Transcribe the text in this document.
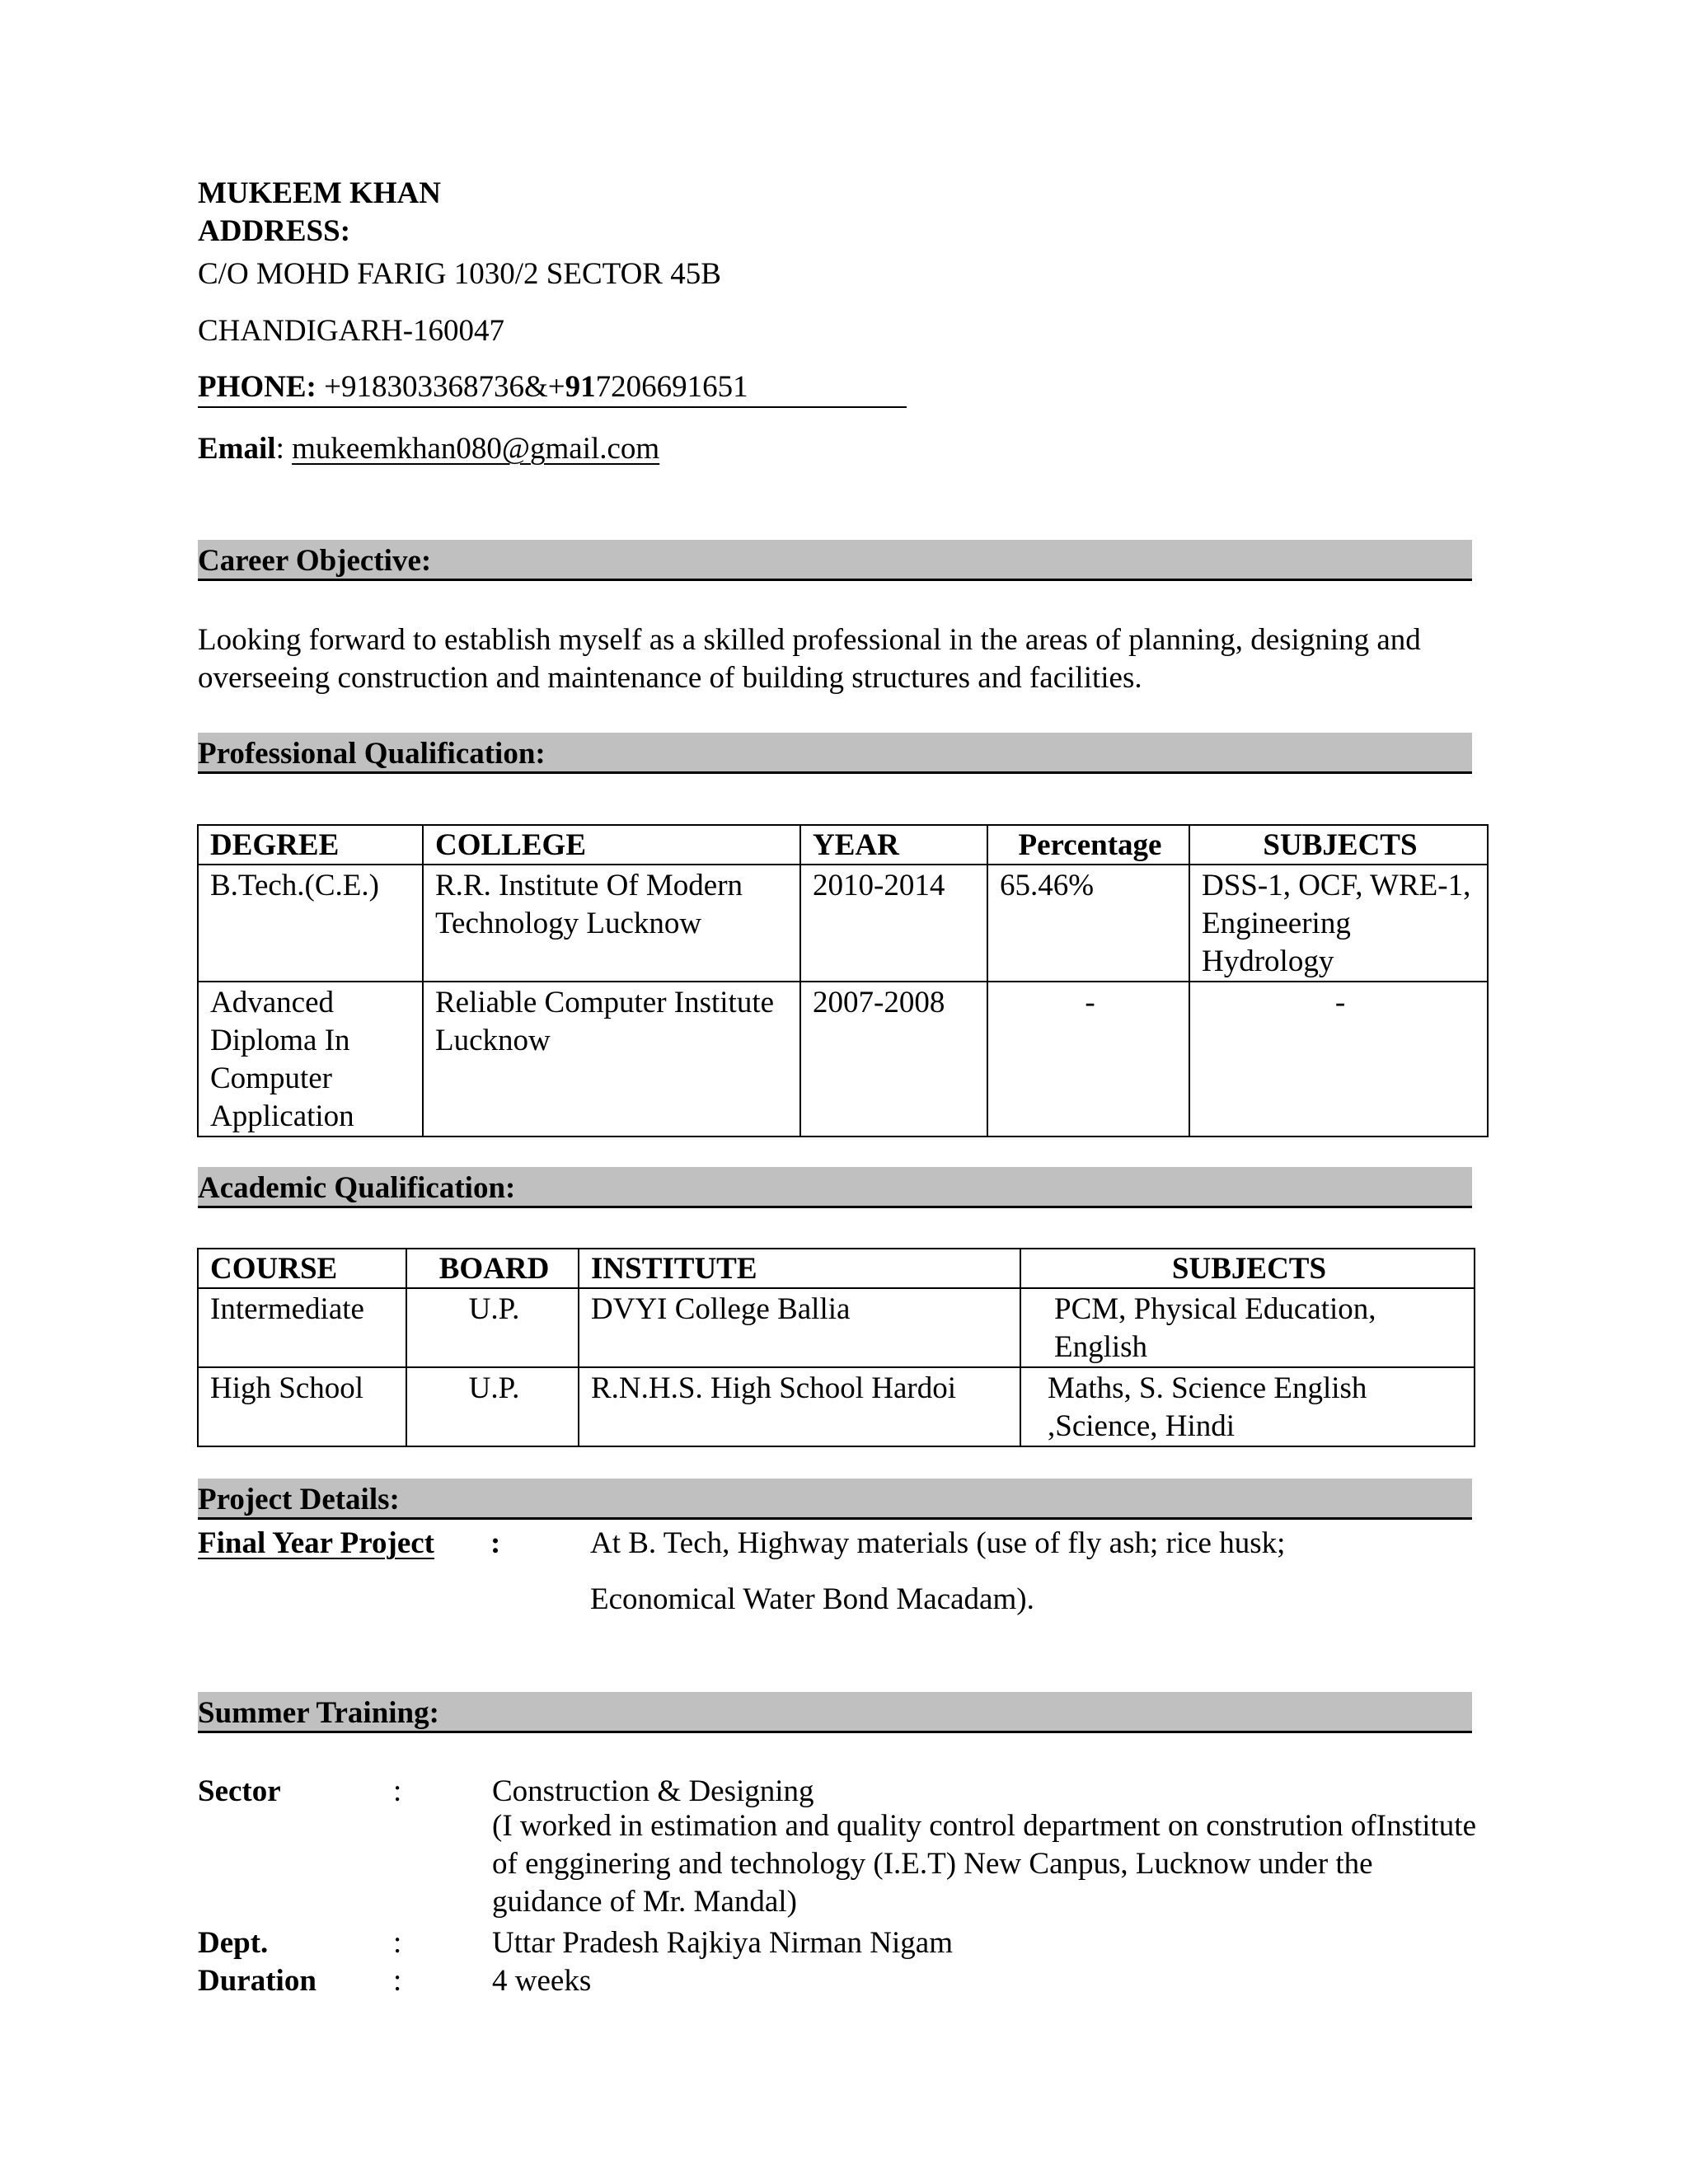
MUKEEM KHAN
ADDRESS:
C/O MOHD FARIG 1030/2 SECTOR 45B
CHANDIGARH-160047
PHONE: +918303368736&+917206691651
Email: mukeemkhan080@gmail.com
Career Objective:
Looking forward to establish myself as a skilled professional in the areas of planning, designing and overseeing construction and maintenance of building structures and facilities.
Professional Qualification:
DEGREE	COLLEGE	YEAR	Percentage	SUBJECTS
B.Tech.(C.E.)	R.R. Institute Of Modern Technology Lucknow	2010-2014	65.46%	DSS-1, OCF, WRE-1, Engineering Hydrology
Advanced Diploma In Computer Application	Reliable Computer Institute Lucknow	2007-2008	-	-
Academic Qualification:
COURSE	BOARD	INSTITUTE	SUBJECTS
Intermediate	U.P.	DVYI College Ballia	PCM, Physical Education, English
High School	U.P.	R.N.H.S. High School Hardoi	Maths, S. Science English ,Science, Hindi
Project Details:
Final Year Project :	At B. Tech, Highway materials (use of fly ash; rice husk;
Economical Water Bond Macadam).
Summer Training:
Sector	:	Construction & Designing
(I worked in estimation and quality control department on constrution ofInstitute of engginering and technology (I.E.T) New Canpus, Lucknow under the guidance of Mr. Mandal)
Dept.	:	Uttar Pradesh Rajkiya Nirman Nigam
Duration	:	4 weeks
